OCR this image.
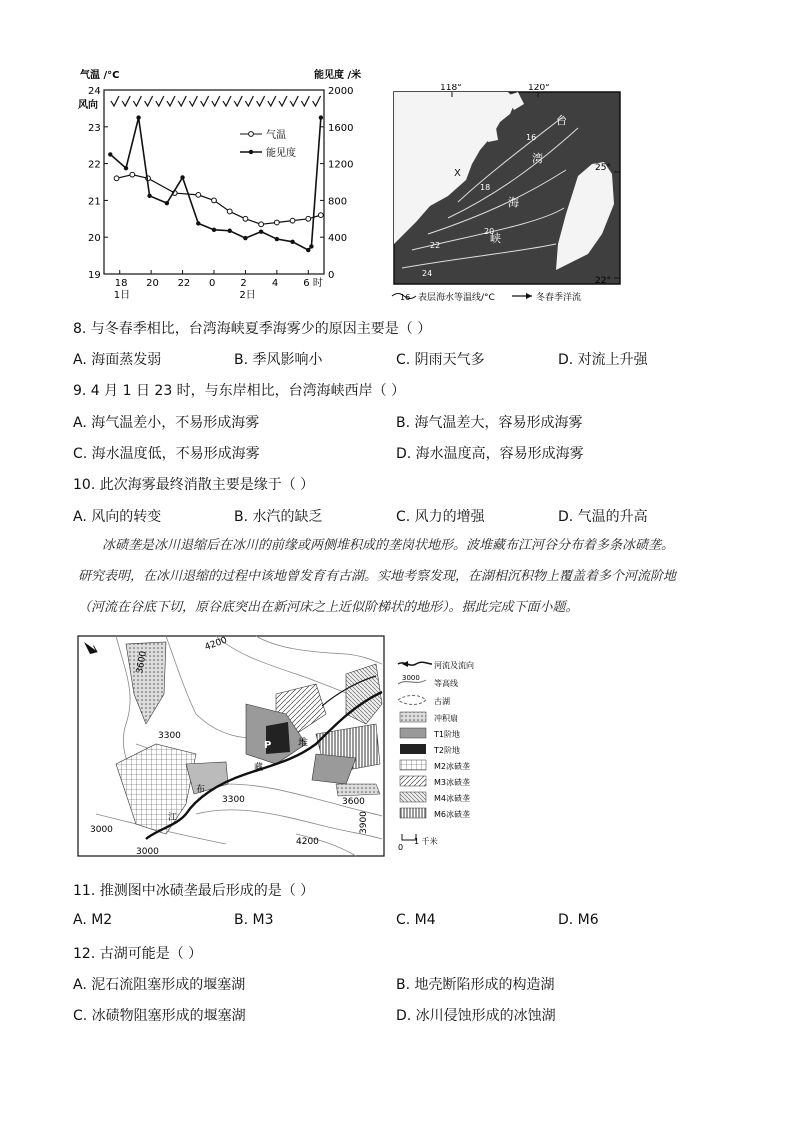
气温 /°C	能见度 /米
风向
24
23
22
21
20
19
2000
1600
1200
800
400
0
18 20 22 0	2	4	6 时
1日	2日
气温
能见度
118°	120°
25°
22°
台
湾
海
峡
X
16
18
20
22
24
16 表层海水等温线/°C	冬春季洋流
8. 与冬春季相比，台湾海峡夏季海雾少的原因主要是（ ）
A. 海面蒸发弱	B. 季风影响小	C. 阴雨天气多	D. 对流上升强
9. 4 月 1 日 23 时，与东岸相比，台湾海峡西岸（ ）
A. 海气温差小，不易形成海雾	B. 海气温差大，容易形成海雾
C. 海水温度低，不易形成海雾	D. 海水温度高，容易形成海雾
10. 此次海雾最终消散主要是缘于（ ）
A. 风向的转变	B. 水汽的缺乏	C. 风力的增强	D. 气温的升高

冰碛垄是冰川退缩后在冰川的前缘或两侧堆积成的垄岗状地形。波堆藏布江河谷分布着多条冰碛垄。

研究表明，在冰川退缩的过程中该地曾发育有古湖。实地考察发现，在湖相沉积物上覆盖着多个河流阶地

（河流在谷底下切，原谷底突出在新河床之上近似阶梯状的地形）。据此完成下面小题。

3600
4200
3300
3000
3300	3600
4200
3900
3000
P	堆
藏
布
江
河流及流向
3000
等高线
古湖
冲积扇
T1阶地
T2阶地
M2冰碛垄
M3冰碛垄
M4冰碛垄
M6冰碛垄
0
1 千米
11. 推测图中冰碛垄最后形成的是（ ）
A. M2	B. M3	C. M4	D. M6
12. 古湖可能是（ ）
A. 泥石流阻塞形成的堰塞湖	B. 地壳断陷形成的构造湖
C. 冰碛物阻塞形成的堰塞湖	D. 冰川侵蚀形成的冰蚀湖
